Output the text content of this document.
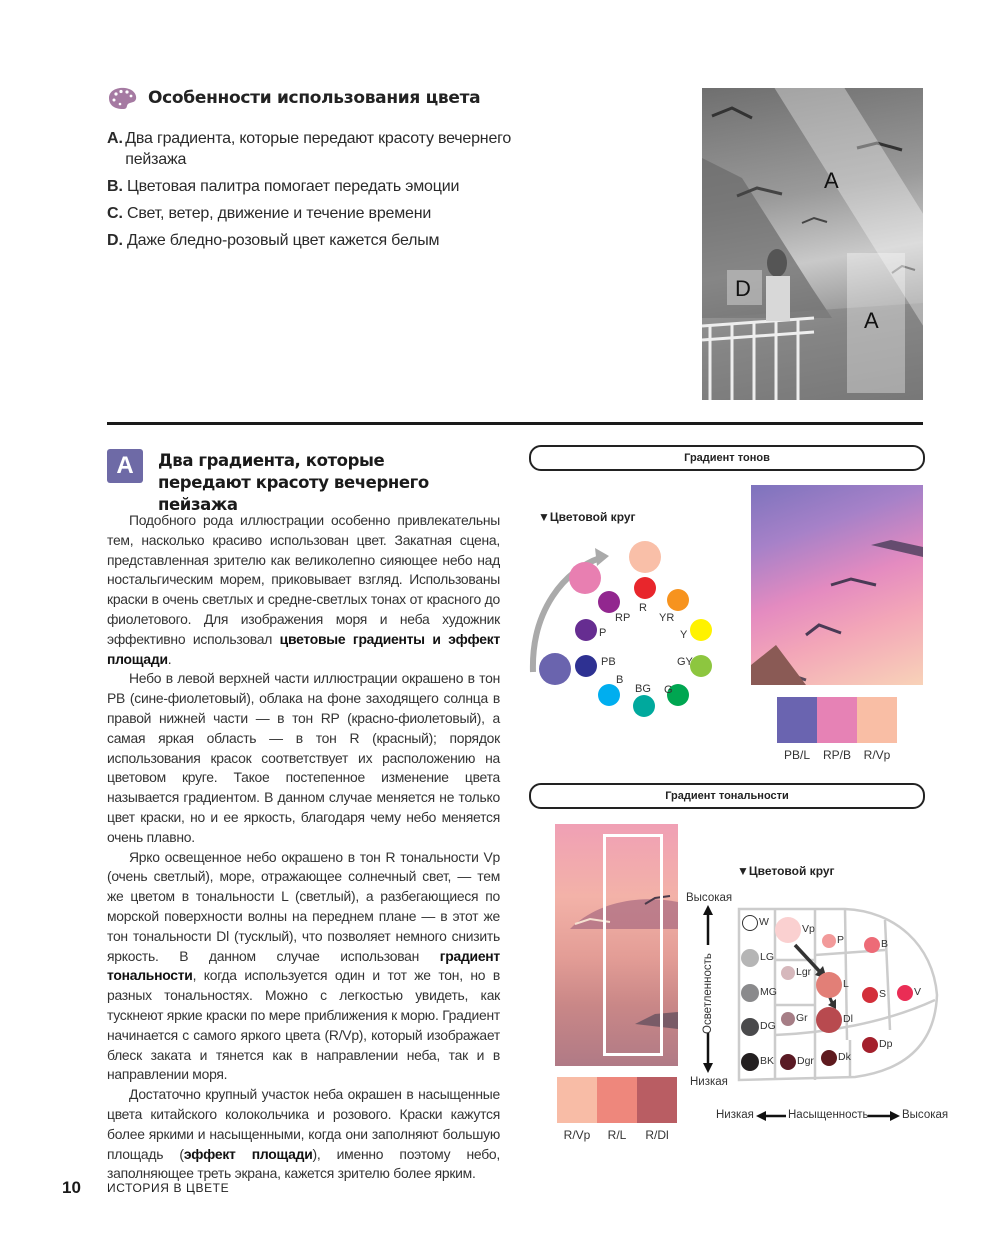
Особенности использования цвета
A. Два градиента, которые передают красоту вечернего пейзажа
B. Цветовая палитра помогает передать эмоции
C. Свет, ветер, движение и течение времени
D. Даже бледно-розовый цвет кажется белым
A
A
D
A	Два градиента, которые передают красоту вечернего пейзажа

Подобного рода иллюстрации особенно привлекательны тем, насколько красиво использован цвет. Закатная сцена, представленная зрителю как великолепно сияющее небо над ностальгическим морем, приковывает взгляд. Использованы краски в очень светлых и средне-светлых тонах от красного до фиолетового. Для изображения моря и неба художник эффективно использовал цветовые градиенты и эффект площади.

Небо в левой верхней части иллюстрации окрашено в тон PB (сине-фиолетовый), облака на фоне заходящего солнца в правой нижней части — в тон RP (красно-фиолетовый), а самая яркая область — в тон R (красный); порядок использования красок соответствует их расположению на цветовом круге. Такое постепенное изменение цвета называется градиентом. В данном случае меняется не только цвет краски, но и ее яркость, благодаря чему небо меняется очень плавно.

Ярко освещенное небо окрашено в тон R тональности Vp (очень светлый), море, отражающее солнечный свет, — тем же цветом в тональности L (светлый), а разбегающиеся по морской поверхности волны на переднем плане — в этот же тон тональности Dl (тусклый), что позволяет немного снизить яркость. В данном случае использован градиент тональности, когда используется один и тот же тон, но в разных тональностях. Можно с легкостью увидеть, как тускнеют яркие краски по мере приближения к морю. Градиент начинается с самого яркого цвета (R/Vp), который изображает блеск заката и тянется как в направлении неба, так и в направлении моря.

Достаточно крупный участок неба окрашен в насыщенные цвета китайского колокольчика и розового. Краски кажутся более яркими и насыщенными, когда они заполняют большую площадь (эффект площади), именно поэтому небо, заполняющее треть экрана, кажется зрителю более ярким.

Градиент тонов
▼Цветовой круг
R
YR
Y
GY
G
BG
B
PB
P
RP
PB/L	RP/B	R/Vp
Градиент тональности
R/Vp	R/L	R/Dl
▼Цветовой круг
Высокая
Низкая
Осветленность
W
LG
MG
DG
BK
Vp
Lgr
Gr
Dgr
P
L
Dl
Dk
B
S
Dp
V
Низкая	Насыщенность	Высокая
10 ИСТОРИЯ В ЦВЕТЕ
